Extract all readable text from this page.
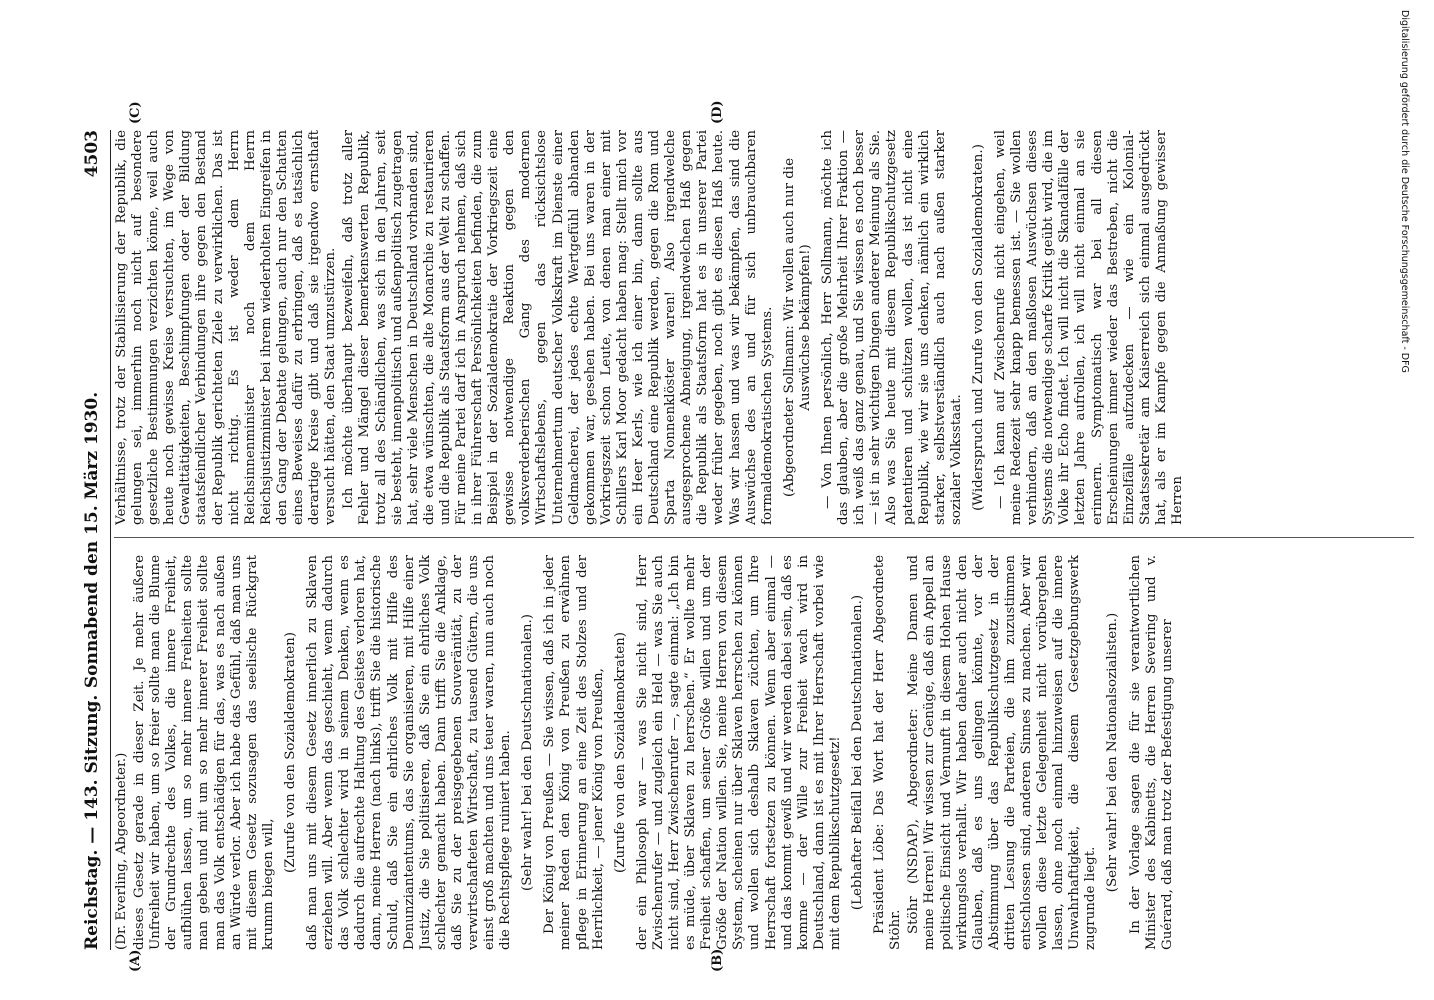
Reichstag. — 143. Sitzung.
Sonnabend den 15. März 1930.
4503
(A)	(B)
(C)	(D)

(Dr. Everling, Abgeordneter.) dieses Gesetz gerade in dieser Zeit. Je mehr äußere Unfreiheit wir haben, um so freier sollte man die Blume der Grundrechte des Volkes, die innere Freiheit, aufblühen lassen, um so mehr innere Freiheiten sollte man geben und mit um so mehr innerer Freiheit sollte man das Volk entschädigen für das, was es nach außen an Würde verlor. Aber ich habe das Gefühl, daß man uns mit diesem Gesetz sozusagen das seelische Rückgrat krumm biegen will,

(Zurufe von den Sozialdemokraten) daß man uns mit diesem Gesetz innerlich zu Sklaven erziehen will. Aber wenn das geschieht, wenn dadurch das Volk schlechter wird in seinem Denken, wenn es dadurch die aufrechte Haltung des Geistes verloren hat, dann, meine Herren (nach links), trifft Sie die historische Schuld, daß Sie ein ehrliches Volk mit Hilfe des Denunziantentums, das Sie organisieren, mit Hilfe einer Justiz, die Sie politisieren, daß Sie ein ehrliches Volk schlechter gemacht haben. Dann trifft Sie die Anklage, daß Sie zu der preisgegebenen Souveränität, zu der verwirtschafteten Wirtschaft, zu tausend Gütern, die uns einst groß machten und uns teuer waren, nun auch noch die Rechtspflege ruiniert haben. (Sehr wahr! bei den Deutschnationalen.) Der König von Preußen — Sie wissen, daß ich in jeder meiner Reden den König von Preußen zu erwähnen pflege in Erinnerung an eine Zeit des Stolzes und der Herrlichkeit, — jener König von Preußen, (Zurufe von den Sozialdemokraten) der ein Philosoph war — was Sie nicht sind, Herr Zwischenrufer — und zugleich ein Held — was Sie auch nicht sind, Herr Zwischenrufer —, sagte einmal: „Ich bin es müde, über Sklaven zu herrschen.“ Er wollte mehr Freiheit schaffen, um seiner Größe willen und um der Größe der Nation willen. Sie, meine Herren von diesem System, scheinen nur über Sklaven herrschen zu können und wollen sich deshalb Sklaven züchten, um Ihre Herrschaft fortsetzen zu können. Wenn aber einmal — und das kommt gewiß und wir werden dabei sein, daß es komme — der Wille zur Freiheit wach wird in Deutschland, dann ist es mit Ihrer Herrschaft vorbei wie mit dem Republikschutzgesetz! (Lebhafter Beifall bei den Deutschnationalen.) Präsident Löbe: Das Wort hat der Herr Abgeordnete Stöhr. Stöhr (NSDAP), Abgeordneter: Meine Damen und meine Herren! Wir wissen zur Genüge, daß ein Appell an politische Einsicht und Vernunft in diesem Hohen Hause wirkungslos verhallt. Wir haben daher auch nicht den Glauben, daß es uns gelingen könnte, vor der Abstimmung über das Republikschutzgesetz in der dritten Lesung die Parteien, die ihm zuzustimmen entschlossen sind, anderen Sinnes zu machen. Aber wir wollen diese letzte Gelegenheit nicht vorübergehen lassen, ohne noch einmal hinzuweisen auf die innere Unwahrhaftigkeit, die diesem Gesetzgebungswerk zugrunde liegt.

(Sehr wahr! bei den Nationalsozialisten.) In der Vorlage sagen die für sie verantwortlichen Minister des Kabinetts, die Herren Severing und v. Guérard, daß man trotz der Befestigung unserer

Verhältnisse, trotz der Stabilisierung der Republik, die gelungen sei, immerhin noch nicht auf besondere gesetzliche Bestimmungen verzichten könne, weil auch heute noch gewisse Kreise versuchten, im Wege von Gewalttätigkeiten, Beschimpfungen oder der Bildung staatsfeindlicher Verbindungen ihre gegen den Bestand der Republik gerichteten Ziele zu verwirklichen. Das ist nicht richtig. Es ist weder dem Herrn Reichsinnenminister noch dem Herrn Reichsjustizminister bei ihrem wiederholten Eingreifen in den Gang der Debatte gelungen, auch nur den Schatten eines Beweises dafür zu erbringen, daß es tatsächlich derartige Kreise gibt und daß sie irgendwo ernsthaft versucht hätten, den Staat umzustürzen. Ich möchte überhaupt bezweifeln, daß trotz aller Fehler und Mängel dieser bemerkenswerten Republik, trotz all des Schändlichen, was sich in den Jahren, seit sie besteht, innenpolitisch und außenpolitisch zugetragen hat, sehr viele Menschen in Deutschland vorhanden sind, die etwa wünschten, die alte Monarchie zu restaurieren und die Republik als Staatsform aus der Welt zu schaffen. Für meine Partei darf ich in Anspruch nehmen, daß sich in ihrer Führerschaft Persönlichkeiten befinden, die zum Beispiel in der Sozialdemokratie der Vorkriegszeit eine gewisse notwendige Reaktion gegen den volksverderberischen Gang des modernen Wirtschaftslebens, gegen das rücksichtslose Unternehmertum deutscher Volkskraft im Dienste einer Geldmacherei, der jedes echte Wertgefühl abhanden gekommen war, gesehen haben. Bei uns waren in der Vorkriegszeit schon Leute, von denen man einer mit Schillers Karl Moor gedacht haben mag: Stellt mich vor ein Heer Kerls, wie ich einer bin, dann sollte aus Deutschland eine Republik werden, gegen die Rom und Sparta Nonnenklöster waren! Also irgendwelche ausgesprochene Abneigung, irgendwelchen Haß gegen die Republik als Staatsform hat es in unserer Partei weder früher gegeben, noch gibt es diesen Haß heute. Was wir hassen und was wir bekämpfen, das sind die Auswüchse des an und für sich unbrauchbaren formaldemokratischen Systems. (Abgeordneter Sollmann: Wir wollen auch nur die Auswüchse bekämpfen!) — Von Ihnen persönlich, Herr Sollmann, möchte ich das glauben, aber die große Mehrheit Ihrer Fraktion — ich weiß das ganz genau, und Sie wissen es noch besser — ist in sehr wichtigen Dingen anderer Meinung als Sie. Also was Sie heute mit diesem Republikschutzgesetz patentieren und schützen wollen, das ist nicht eine Republik, wie wir sie uns denken, nämlich ein wirklich starker, selbstverständlich auch nach außen starker sozialer Volksstaat. (Widerspruch und Zurufe von den Sozialdemokraten.) — Ich kann auf Zwischenrufe nicht eingehen, weil meine Redezeit sehr knapp bemessen ist. — Sie wollen verhindern, daß an den maßlosen Auswüchsen dieses Systems die notwendige scharfe Kritik geübt wird, die im Volke ihr Echo findet. Ich will nicht die Skandalfälle der letzten Jahre aufrollen, ich will nicht einmal an sie erinnern. Symptomatisch war bei all diesen Erscheinungen immer wieder das Bestreben, nicht die Einzelfälle aufzudecken — wie ein Kolonial-Staatssekretär am Kaiserreich sich einmal ausgedrückt hat, als er im Kampfe gegen die Anmaßung gewisser Herren

Digitalisierung gefördert durch die Deutsche Forschungsgemeinschaft - DFG
